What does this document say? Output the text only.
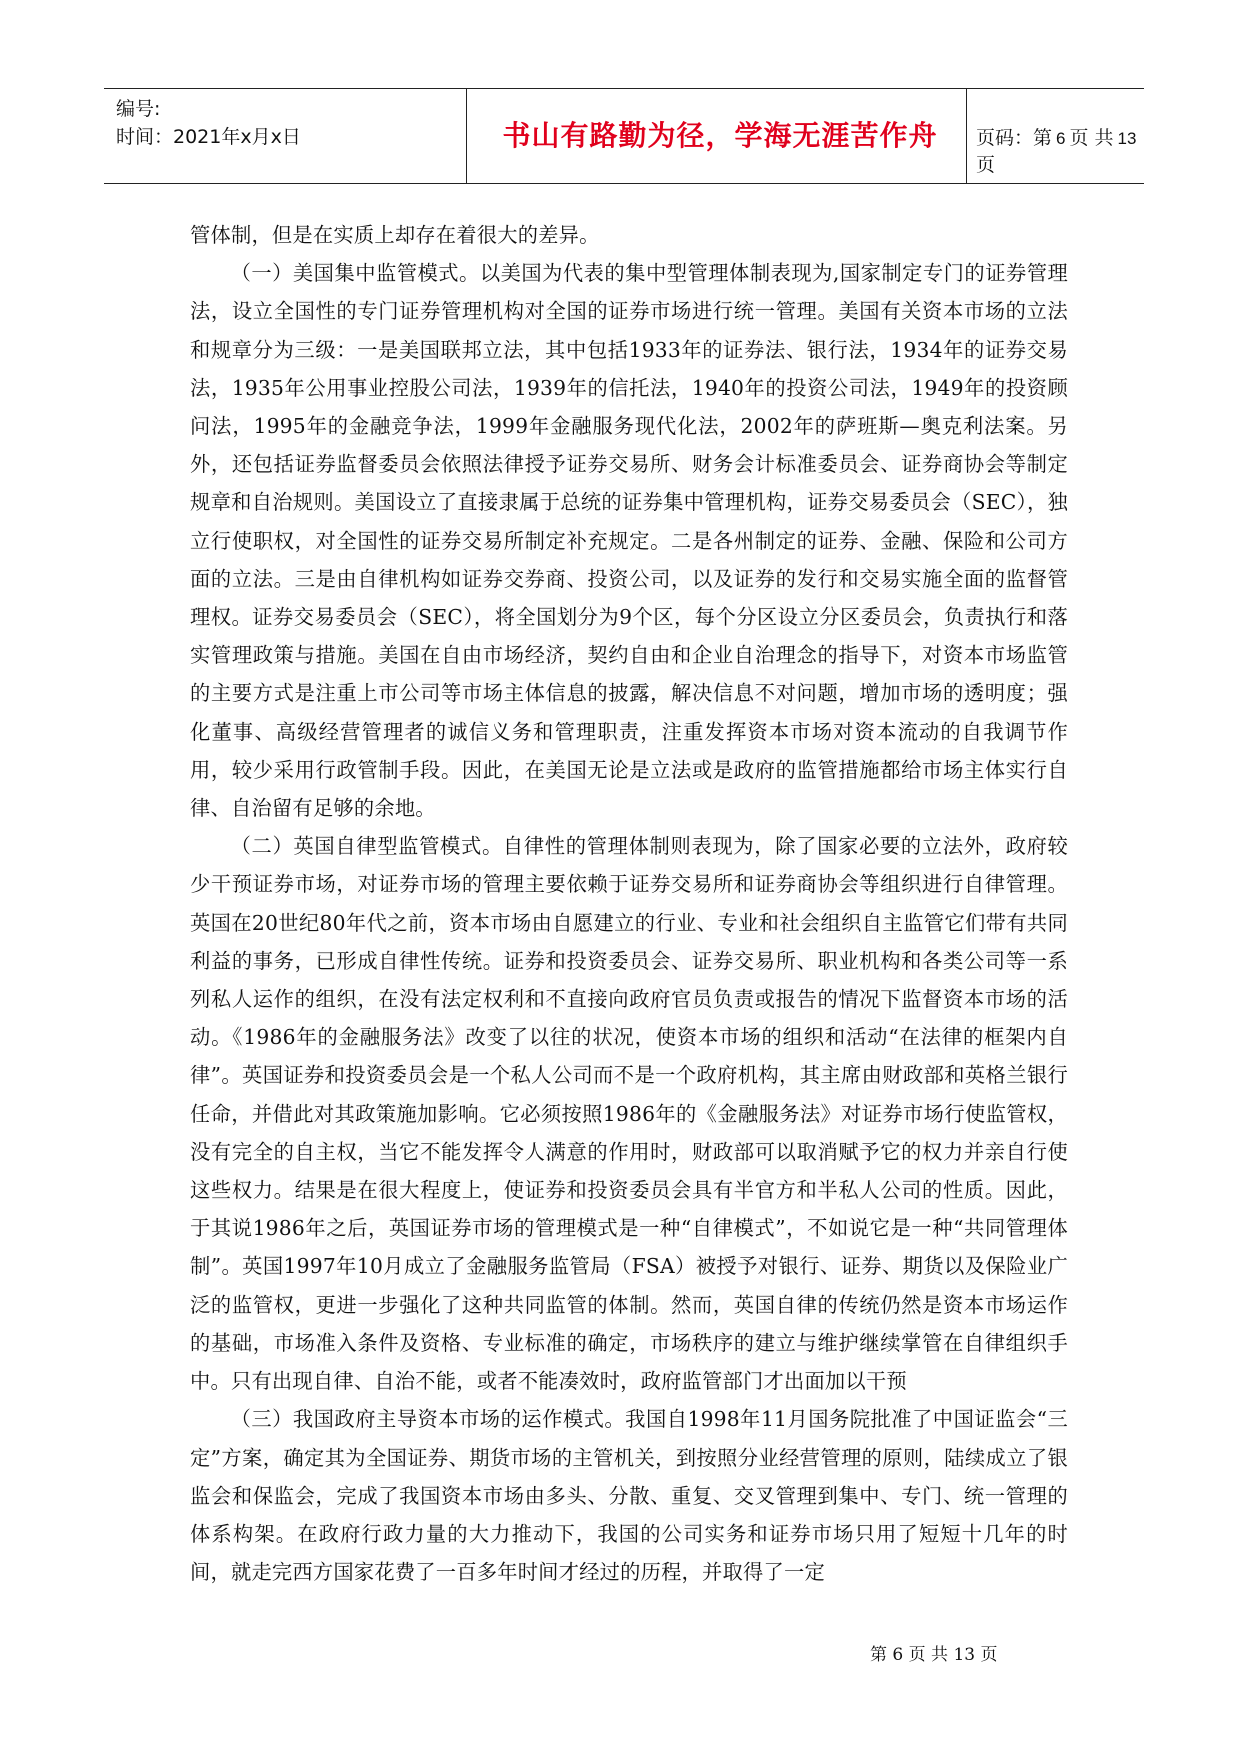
编号:
时间：2021年x月x日	书山有路勤为径，学海无涯苦作舟	页码：第 6 页 共 13页

管体制，但是在实质上却存在着很大的差异。

（一）美国集中监管模式。以美国为代表的集中型管理体制表现为,国家制定专门的证券管理法，设立全国性的专门证券管理机构对全国的证券市场进行统一管理。美国有关资本市场的立法和规章分为三级：一是美国联邦立法，其中包括1933年的证券法、银行法，1934年的证券交易法，1935年公用事业控股公司法，1939年的信托法，1940年的投资公司法，1949年的投资顾问法，1995年的金融竞争法，1999年金融服务现代化法，2002年的萨班斯—奥克利法案。另外，还包括证券监督委员会依照法律授予证券交易所、财务会计标准委员会、证券商协会等制定规章和自治规则。美国设立了直接隶属于总统的证券集中管理机构，证券交易委员会（SEC），独立行使职权，对全国性的证券交易所制定补充规定。二是各州制定的证券、金融、保险和公司方面的立法。三是由自律机构如证券交券商、投资公司，以及证券的发行和交易实施全面的监督管理权。证券交易委员会（SEC），将全国划分为9个区，每个分区设立分区委员会，负责执行和落实管理政策与措施。美国在自由市场经济，契约自由和企业自治理念的指导下，对资本市场监管的主要方式是注重上市公司等市场主体信息的披露，解决信息不对问题，增加市场的透明度；强化董事、高级经营管理者的诚信义务和管理职责，注重发挥资本市场对资本流动的自我调节作用，较少采用行政管制手段。因此，在美国无论是立法或是政府的监管措施都给市场主体实行自律、自治留有足够的余地。

（二）英国自律型监管模式。自律性的管理体制则表现为，除了国家必要的立法外，政府较少干预证券市场，对证券市场的管理主要依赖于证券交易所和证券商协会等组织进行自律管理。英国在20世纪80年代之前，资本市场由自愿建立的行业、专业和社会组织自主监管它们带有共同利益的事务，已形成自律性传统。证券和投资委员会、证券交易所、职业机构和各类公司等一系列私人运作的组织，在没有法定权利和不直接向政府官员负责或报告的情况下监督资本市场的活动。《1986年的金融服务法》改变了以往的状况，使资本市场的组织和活动“在法律的框架内自律”。英国证券和投资委员会是一个私人公司而不是一个政府机构，其主席由财政部和英格兰银行任命，并借此对其政策施加影响。它必须按照1986年的《金融服务法》对证券市场行使监管权，没有完全的自主权，当它不能发挥令人满意的作用时，财政部可以取消赋予它的权力并亲自行使这些权力。结果是在很大程度上，使证券和投资委员会具有半官方和半私人公司的性质。因此，于其说1986年之后，英国证券市场的管理模式是一种“自律模式”，不如说它是一种“共同管理体制”。英国1997年10月成立了金融服务监管局（FSA）被授予对银行、证券、期货以及保险业广泛的监管权，更进一步强化了这种共同监管的体制。然而，英国自律的传统仍然是资本市场运作的基础，市场准入条件及资格、专业标准的确定，市场秩序的建立与维护继续掌管在自律组织手中。只有出现自律、自治不能，或者不能凑效时，政府监管部门才出面加以干预

（三）我国政府主导资本市场的运作模式。我国自1998年11月国务院批准了中国证监会“三定”方案，确定其为全国证券、期货市场的主管机关，到按照分业经营管理的原则，陆续成立了银监会和保监会，完成了我国资本市场由多头、分散、重复、交叉管理到集中、专门、统一管理的体系构架。在政府行政力量的大力推动下，我国的公司实务和证券市场只用了短短十几年的时间，就走完西方国家花费了一百多年时间才经过的历程，并取得了一定

第 6 页 共 13 页
